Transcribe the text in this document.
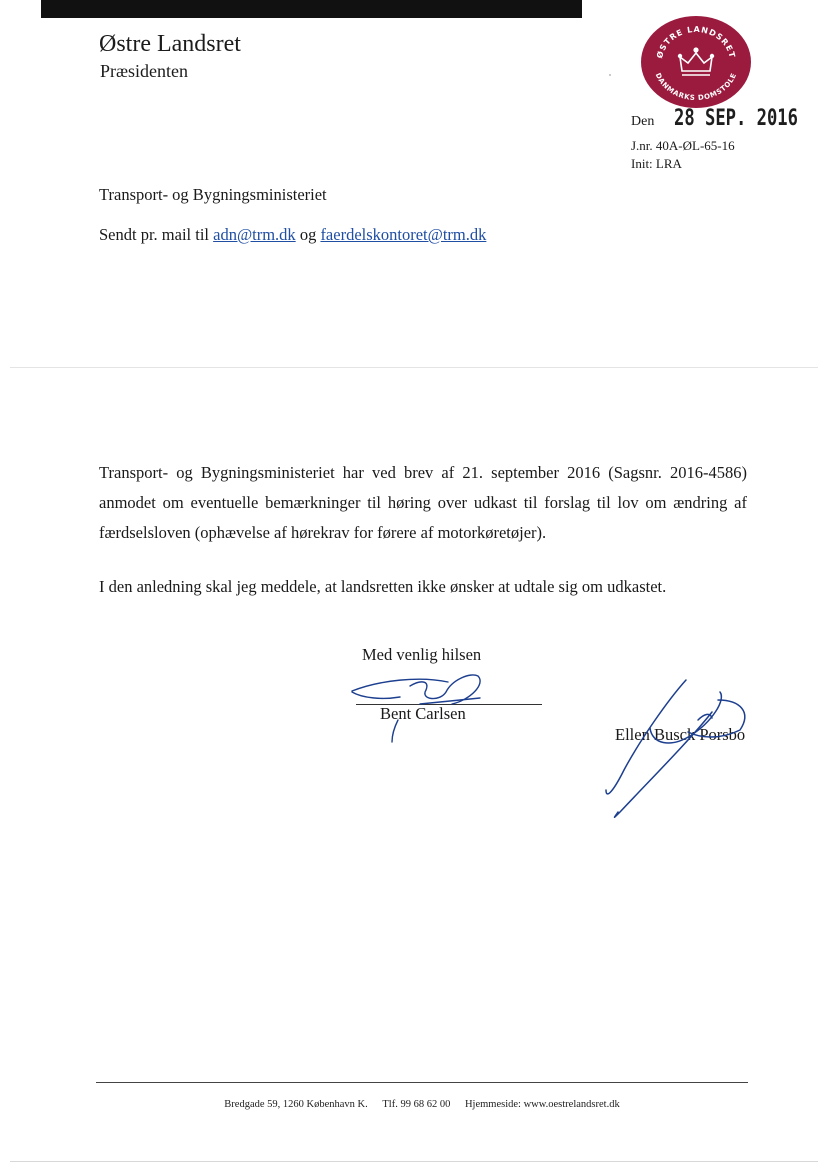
Østre Landsret
Præsidenten
ØSTRE LANDSRET
DANMARKS DOMSTOLE
Den 28 SEP. 2016
J.nr. 40A-ØL-65-16
Init: LRA
Transport- og Bygningsministeriet
Sendt pr. mail til adn@trm.dk og faerdelskontoret@trm.dk

Transport- og Bygningsministeriet har ved brev af 21. september 2016 (Sagsnr. 2016-4586) anmodet om eventuelle bemærkninger til høring over udkast til forslag til lov om ændring af færdselsloven (ophævelse af hørekrav for førere af motorkøretøjer).

I den anledning skal jeg meddele, at landsretten ikke ønsker at udtale sig om udkastet.
Med venlig hilsen
Bent Carlsen
Ellen Busck Porsbo
Bredgade 59, 1260 København K. Tlf. 99 68 62 00 Hjemmeside: www.oestrelandsret.dk
